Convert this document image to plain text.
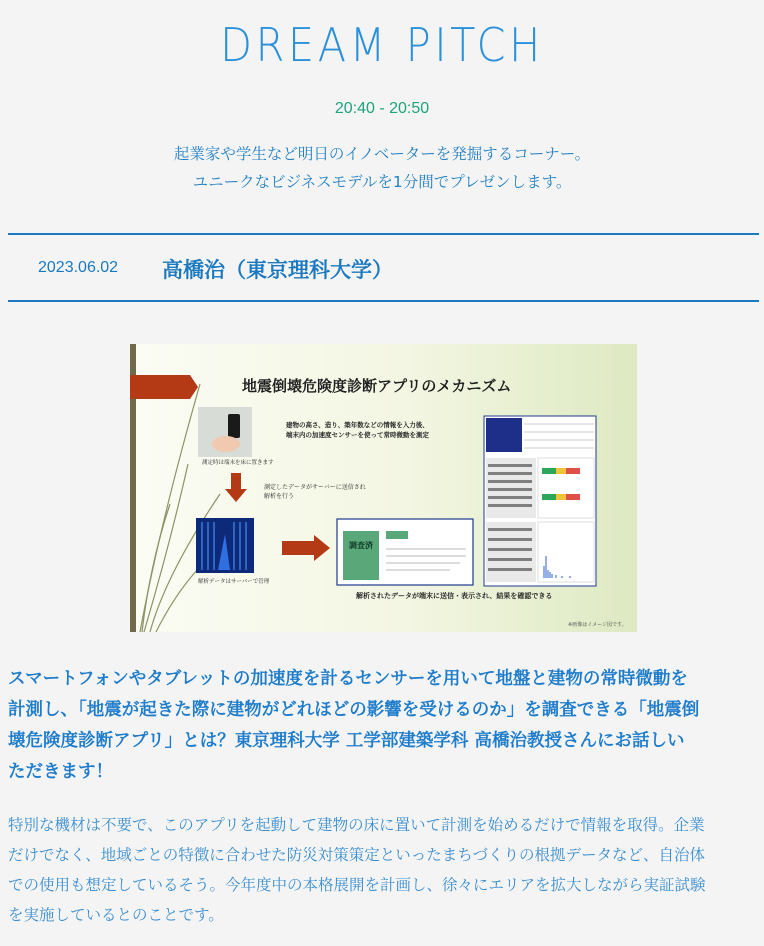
DREAM PITCH
20:40 - 20:50
起業家や学生など明日のイノベーターを発掘するコーナー。
ユニークなビジネスモデルを1分間でプレゼンします。
2023.06.02 高橋治（東京理科大学）
地震倒壊危険度診断アプリのメカニズム
測定時は端末を床に置きます
建物の高さ、造り、築年数などの情報を入力後、
端末内の加速度センサーを使って常時微動を測定
測定したデータがサーバーに送信され
解析を行う
解析データはサーバーで管理
調査済
解析されたデータが端末に送信・表示され、結果を確認できる
※画像はイメージ図です。
スマートフォンやタブレットの加速度を計るセンサーを用いて地盤と建物の常時微動を
計測し、「地震が起きた際に建物がどれほどの影響を受けるのか」を調査できる「地震倒
壊危険度診断アプリ」とは？東京理科大学 工学部建築学科 高橋治教授さんにお話しい
ただきます！
特別な機材は不要で、このアプリを起動して建物の床に置いて計測を始めるだけで情報を取得。企業
だけでなく、地域ごとの特徴に合わせた防災対策策定といったまちづくりの根拠データなど、自治体
での使用も想定しているそう。今年度中の本格展開を計画し、徐々にエリアを拡大しながら実証試験
を実施しているとのことです。
